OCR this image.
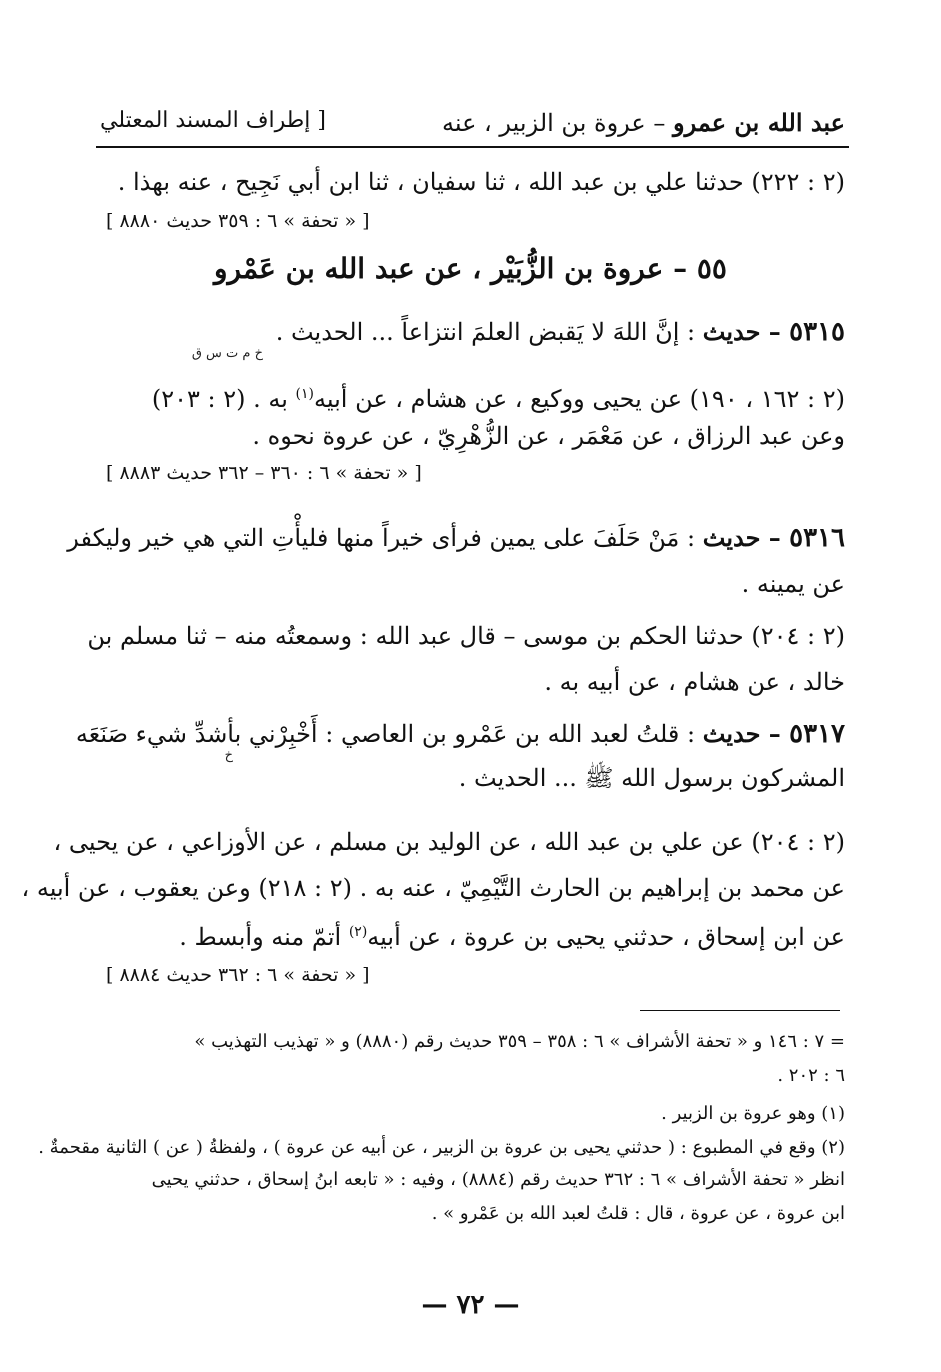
عبد الله بن عمرو – عروة بن الزبير ، عنه
[ إطراف المسند المعتلي
(٢ : ٢٢٢) حدثنا علي بن عبد الله ، ثنا سفيان ، ثنا ابن أبي نَجِيح ، عنه بهذا .
[ « تحفة » ٦ : ٣٥٩ حديث ٨٨٨٠ ]
٥٥ – عروة بن الزُّبَيْر ، عن عبد الله بن عَمْرو
٥٣١٥ – حديث : إنَّ اللهَ لا يَقبض العلمَ انتزاعاً ... الحديث .
خ م ت س ق
(٢ : ١٦٢ ، ١٩٠) عن يحيى ووكيع ، عن هشام ، عن أبيه$^{(١)}$ به . (٢ : ٢٠٣)
وعن عبد الرزاق ، عن مَعْمَر ، عن الزُّهْرِيّ ، عن عروة نحوه .
[ « تحفة » ٦ : ٣٦٠ – ٣٦٢ حديث ٨٨٨٣ ]
٥٣١٦ – حديث : مَنْ حَلَفَ على يمين فرأى خيراً منها فليأْتِ التي هي خير وليكفر
عن يمينه .
(٢ : ٢٠٤) حدثنا الحكم بن موسى – قال عبد الله : وسمعتُه منه – ثنا مسلم بن
خالد ، عن هشام ، عن أبيه به .
٥٣١٧ – حديث : قلتُ لعبد الله بن عَمْرو بن العاصي : أَخْبِرْني بأشدِّ شيء صَنَعَه
خ
المشركون برسول الله ﷺ ... الحديث .
(٢ : ٢٠٤) عن علي بن عبد الله ، عن الوليد بن مسلم ، عن الأوزاعي ، عن يحيى ،
عن محمد بن إبراهيم بن الحارث التَّيْمِيّ ، عنه به . (٢ : ٢١٨) وعن يعقوب ، عن أبيه ،
عن ابن إسحاق ، حدثني يحيى بن عروة ، عن أبيه$^{(٢)}$ أتمّ منه وأبسط .
[ « تحفة » ٦ : ٣٦٢ حديث ٨٨٨٤ ]
= ٧ : ١٤٦ و « تحفة الأشراف » ٦ : ٣٥٨ – ٣٥٩ حديث رقم (٨٨٨٠) و « تهذيب التهذيب »
٦ : ٢٠٢ .
(١) وهو عروة بن الزبير .
(٢) وقع في المطبوع : ( حدثني يحيى بن عروة بن الزبير ، عن أبيه عن عروة ) ، ولفظةُ ( عن ) الثانية مقحمةٌ .
انظر « تحفة الأشراف » ٦ : ٣٦٢ حديث رقم (٨٨٨٤) ، وفيه : « تابعه ابنُ إسحاق ، حدثني يحيى
ابن عروة ، عن عروة ، قال : قلتُ لعبد الله بن عَمْرو » .
— ٧٢ —
